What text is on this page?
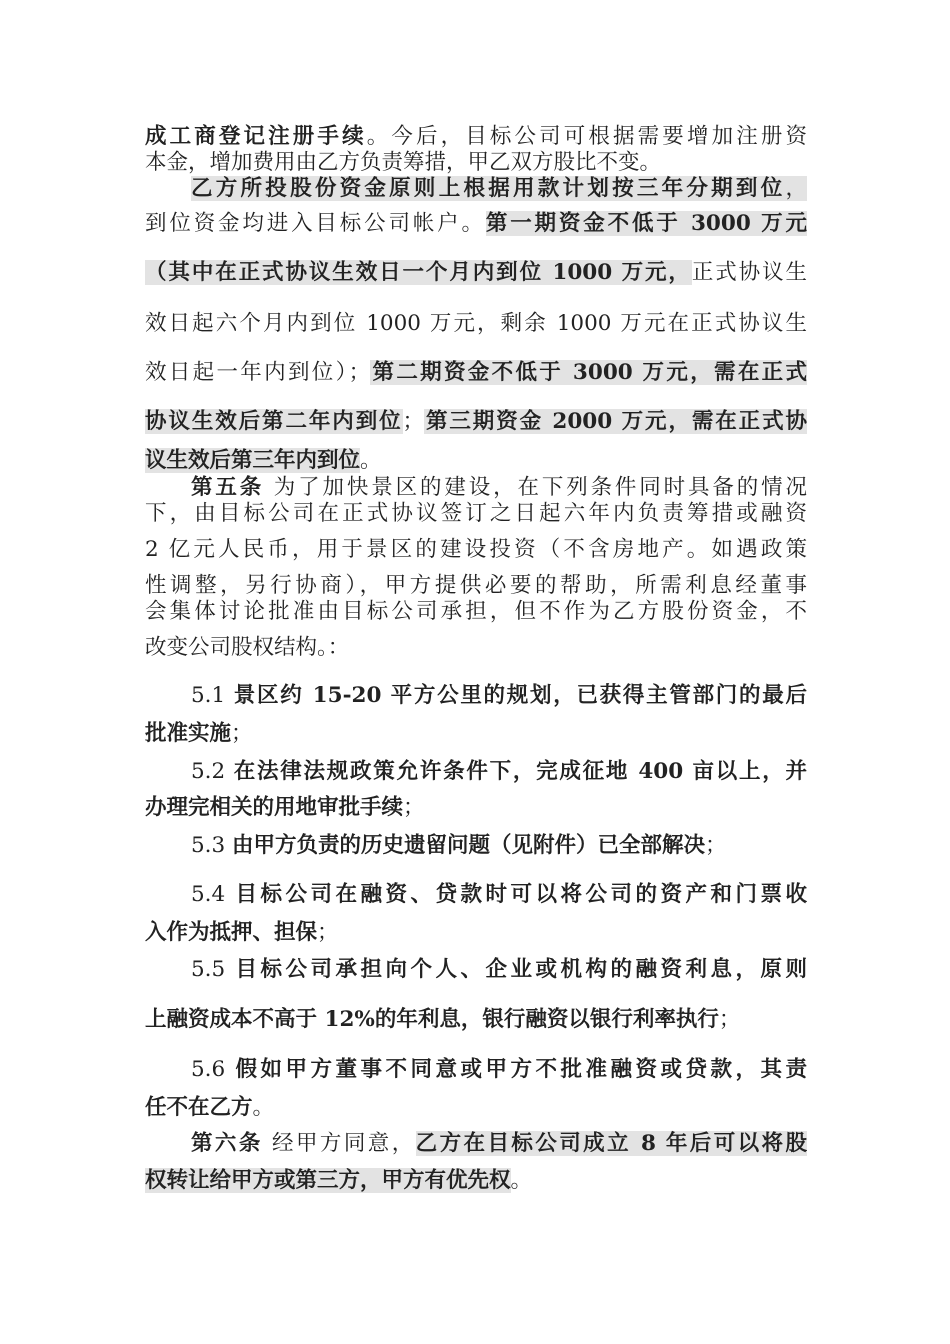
成工商登记注册手续。今后，目标公司可根据需要增加注册资
本金，增加费用由乙方负责筹措，甲乙双方股比不变。
乙方所投股份资金原则上根据用款计划按三年分期到位，
到位资金均进入目标公司帐户。第一期资金不低于 3000 万元
（其中在正式协议生效日一个月内到位 1000 万元，正式协议生
效日起六个月内到位 1000 万元，剩余 1000 万元在正式协议生
效日起一年内到位）；第二期资金不低于 3000 万元，需在正式
协议生效后第二年内到位；第三期资金 2000 万元，需在正式协
议生效后第三年内到位。
第五条 为了加快景区的建设，在下列条件同时具备的情况
下，由目标公司在正式协议签订之日起六年内负责筹措或融资
2 亿元人民币，用于景区的建设投资（不含房地产。如遇政策
性调整，另行协商），甲方提供必要的帮助，所需利息经董事
会集体讨论批准由目标公司承担，但不作为乙方股份资金，不
改变公司股权结构。：
5.1 景区约 15-20 平方公里的规划，已获得主管部门的最后
批准实施；
5.2 在法律法规政策允许条件下，完成征地 400 亩以上，并
办理完相关的用地审批手续；
5.3 由甲方负责的历史遗留问题（见附件）已全部解决；
5.4 目标公司在融资、贷款时可以将公司的资产和门票收
入作为抵押、担保；
5.5 目标公司承担向个人、企业或机构的融资利息，原则
上融资成本不高于 12%的年利息，银行融资以银行利率执行；
5.6 假如甲方董事不同意或甲方不批准融资或贷款，其责
任不在乙方。
第六条 经甲方同意，乙方在目标公司成立 8 年后可以将股
权转让给甲方或第三方，甲方有优先权。
